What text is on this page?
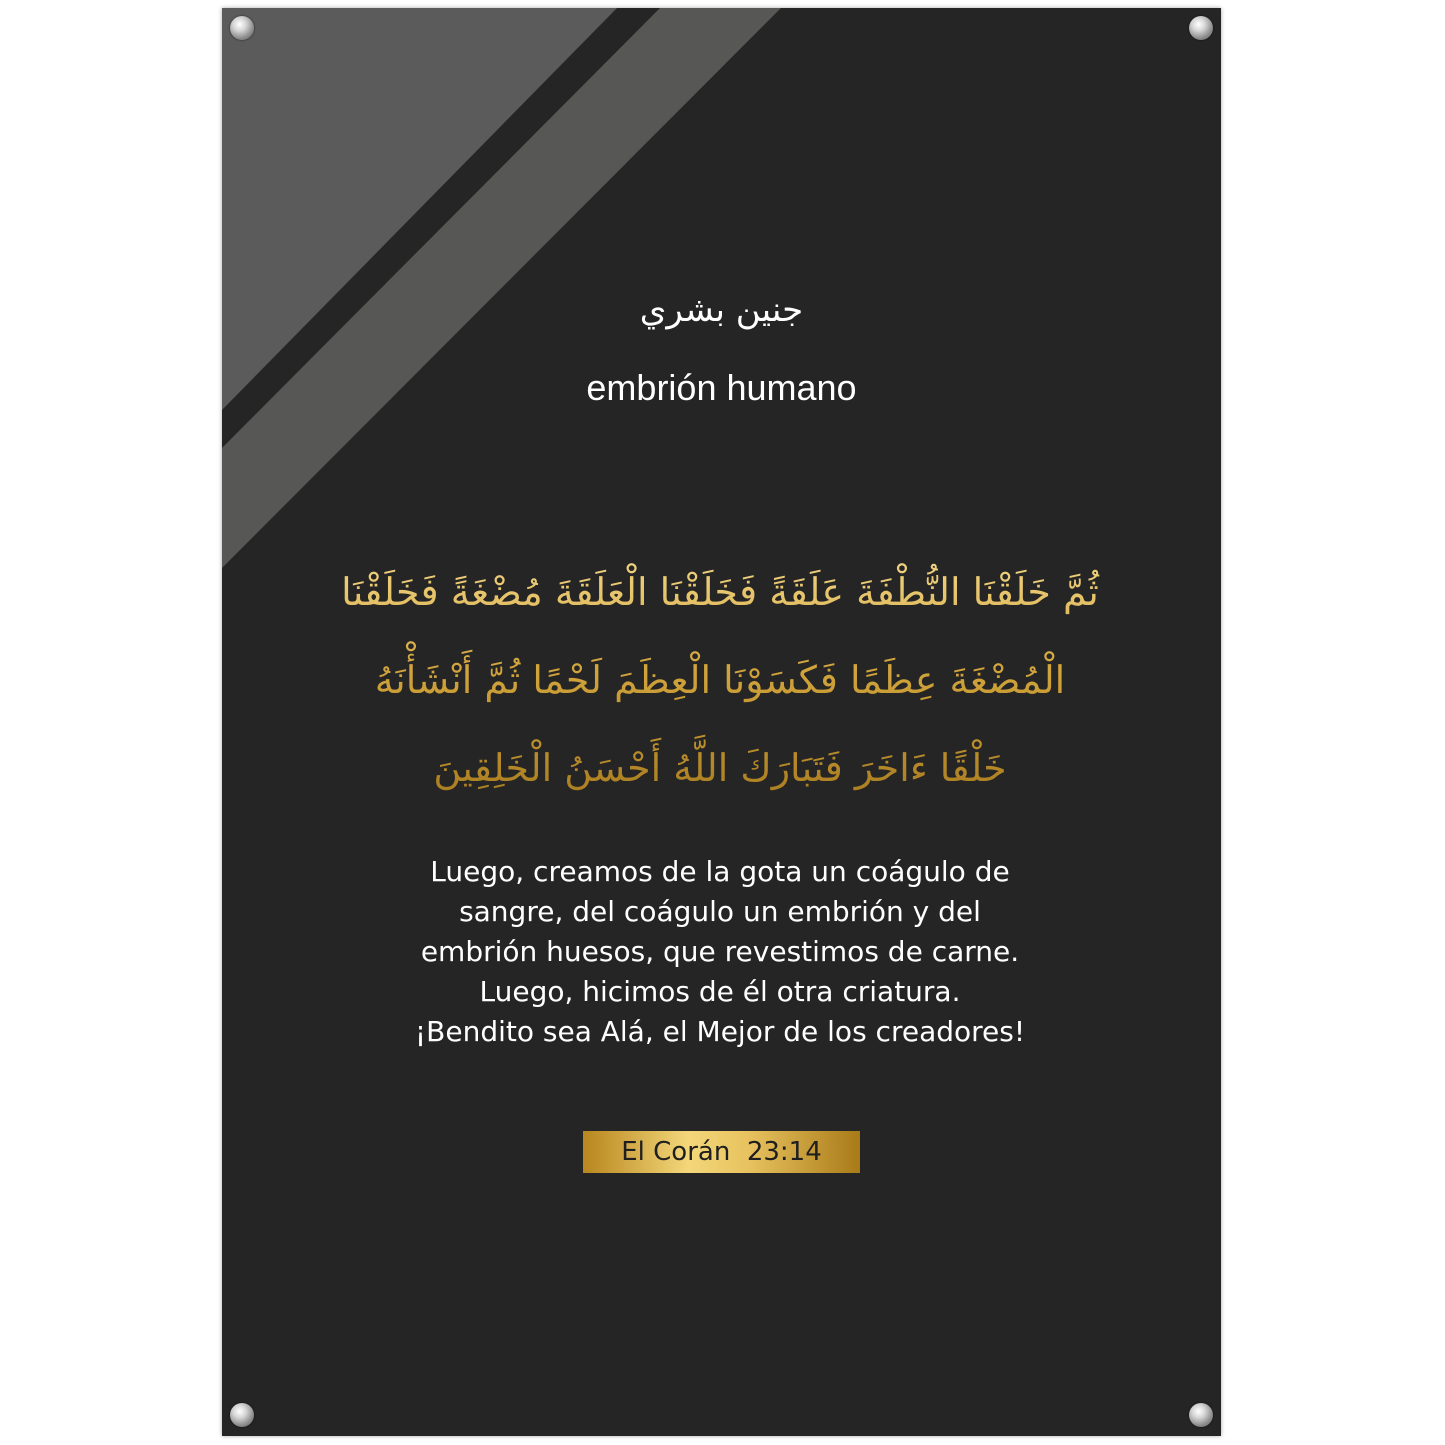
جنين بشري
embrión humano
ثُمَّ خَلَقْنَا النُّطْفَةَ عَلَقَةً فَخَلَقْنَا الْعَلَقَةَ مُضْغَةً فَخَلَقْنَا
الْمُضْغَةَ عِظَمًا فَكَسَوْنَا الْعِظَمَ لَحْمًا ثُمَّ أَنْشَأْنَهُ
خَلْقًا ءَاخَرَ فَتَبَارَكَ اللَّهُ أَحْسَنُ الْخَلِقِينَ
Luego, creamos de la gota un coágulo de
sangre, del coágulo un embrión y del
embrión huesos, que revestimos de carne.
Luego, hicimos de él otra criatura.
¡Bendito sea Alá, el Mejor de los creadores!
El Corán  23:14
